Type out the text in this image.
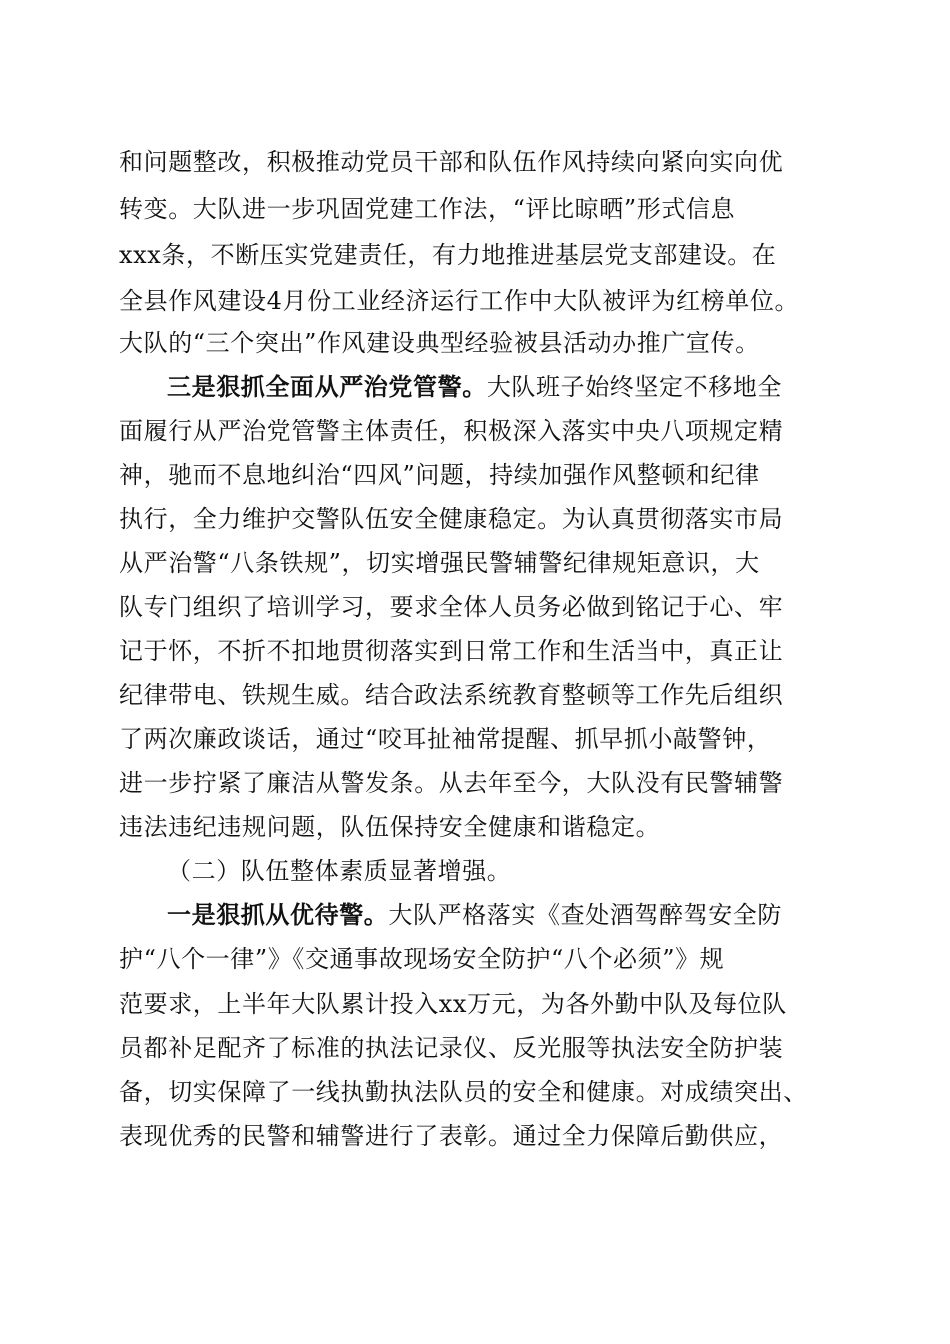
和问题整改，积极推动党员干部和队伍作风持续向紧向实向优
转变。大队进一步巩固党建工作法，“评比晾晒”形式信息
xxx条，不断压实党建责任，有力地推进基层党支部建设。在
全县作风建设4月份工业经济运行工作中大队被评为红榜单位。
大队的“三个突出”作风建设典型经验被县活动办推广宣传。
三是狠抓全面从严治党管警。大队班子始终坚定不移地全
面履行从严治党管警主体责任，积极深入落实中央八项规定精
神，驰而不息地纠治“四风”问题，持续加强作风整顿和纪律
执行，全力维护交警队伍安全健康稳定。为认真贯彻落实市局
从严治警“八条铁规”，切实增强民警辅警纪律规矩意识，大
队专门组织了培训学习，要求全体人员务必做到铭记于心、牢
记于怀，不折不扣地贯彻落实到日常工作和生活当中，真正让
纪律带电、铁规生威。结合政法系统教育整顿等工作先后组织
了两次廉政谈话，通过“咬耳扯袖常提醒、抓早抓小敲警钟，
进一步拧紧了廉洁从警发条。从去年至今，大队没有民警辅警
违法违纪违规问题，队伍保持安全健康和谐稳定。
（二）队伍整体素质显著增强。
一是狠抓从优待警。大队严格落实《查处酒驾醉驾安全防
护“八个一律”》《交通事故现场安全防护“八个必须”》规
范要求，上半年大队累计投入xx万元，为各外勤中队及每位队
员都补足配齐了标准的执法记录仪、反光服等执法安全防护装
备，切实保障了一线执勤执法队员的安全和健康。对成绩突出、
表现优秀的民警和辅警进行了表彰。通过全力保障后勤供应，
